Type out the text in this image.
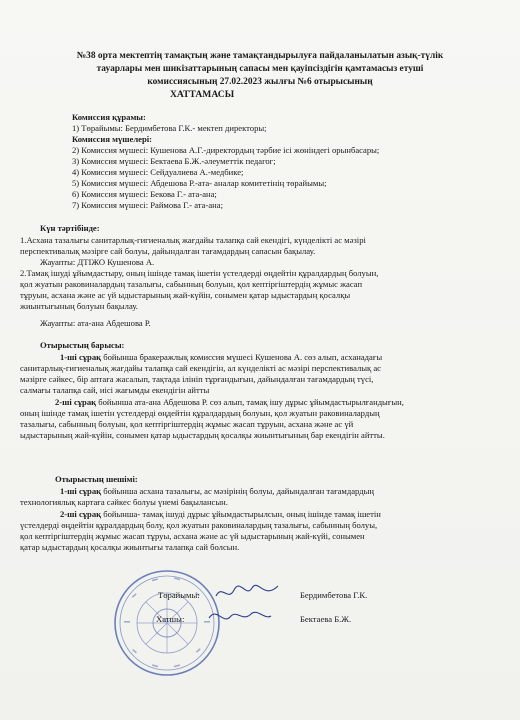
№38 орта мектептің тамақтың және тамақтандырылуға пайдаланылатын азық-түлік
тауарлары мен шикізаттарының сапасы мен қауіпсіздігін қамтамасыз етуші
комиссиясының 27.02.2023 жылғы №6 отырысының
ХАТТАМАСЫ
Комиссия құрамы:
1) Төрайымы: Бердимбетова Г.К.- мектеп директоры;
Комиссия мүшелері:
2) Комиссия мүшесі: Кушенова А.Г.-директордың тәрбие ісі жөніндегі орынбасары;
3) Комиссия мүшесі: Бектаева Б.Ж.-әлеуметтік педагог;
4) Комиссия мүшесі: Сейдуалиева А.-медбике;
5) Комиссия мүшесі: Абдешова Р.-ата- аналар комитетінің төрайымы;
6) Комиссия мүшесі: Бекова Г.- ата-ана;
7) Комиссия мүшесі: Раймова Г.- ата-ана;
Күн тәртібінде:
1.Асхана тазалығы санитарлық-гигиеналық жағдайы талапқа сай екендігі, күнделікті ас мәзірі
перспективалық мәзірге сай болуы, дайындалған тағамдардың сапасын бақылау.
Жауапты: ДТІЖО Кушенова А.
2.Тамақ ішуді ұйымдастыру, оның ішінде тамақ ішетін үстелдерді өңдейтін құралдардың болуын,
қол жуатын раковиналардың тазалығы, сабынның болуын, қол кептіргіштердің жұмыс жасап
тұруын, асхана және ас үй ыдыстарының жай-күйін, сонымен қатар ыдыстардың қосалқы
жиынтығының болуын бақылау.
Жауапты: ата-ана Абдешова Р.
Отырыстың барысы:
1-ші сұрақ бойынша бракеражлық комиссия мүшесі Кушенова А. сөз алып, асханадағы
санитарлық-гигиеналық жағдайы талапқа сай екендігін, ал күнделікті ас мәзірі перспективалық ас
мәзірге сәйкес, бір аптаға жасалып, тақтада ілініп тұрғандығын, дайындалған тағамдардың түсі,
салмағы талапқа сай, иісі жағымды екендігін айтты
2-ші сұрақ бойынша ата-ана Абдешова Р. сөз алып, тамақ ішу дұрыс ұйымдастырылғандығын,
оның ішінде тамақ ішетін үстелдерді өңдейтін құралдардың болуын, қол жуатын раковиналардың
тазалығы, сабынның болуын, қол кептіргіштердің жұмыс жасап тұруын, асхана және ас үй
ыдыстарының жай-күйін, сонымен қатар ыдыстардың қосалқы жиынтығының бар екендігін айтты.
Отырыстың шешімі:
1-ші сұрақ бойынша асхана тазалығы, ас мәзірінің болуы, дайындалған тағамдардың
технологиялық картаға сәйкес болуы үнемі бақылансын.
2-ші сұрақ бойынша- тамақ ішуді дұрыс ұйымдастырылсын, оның ішінде тамақ ішетін
үстелдерді өңдейтін құралдардың болу, қол жуатын раковиналардың тазалығы, сабынның болуы,
қол кептіргіштердің жұмыс жасап тұруы, асхана және ас үй ыдыстарының жай-күйі, сонымен
қатар ыдыстардың қосалқы жиынтығы талапқа сай болсын.
Төрайымы:	Бердимбетова Г.К.
Хатшы:	Бектаева Б.Ж.
